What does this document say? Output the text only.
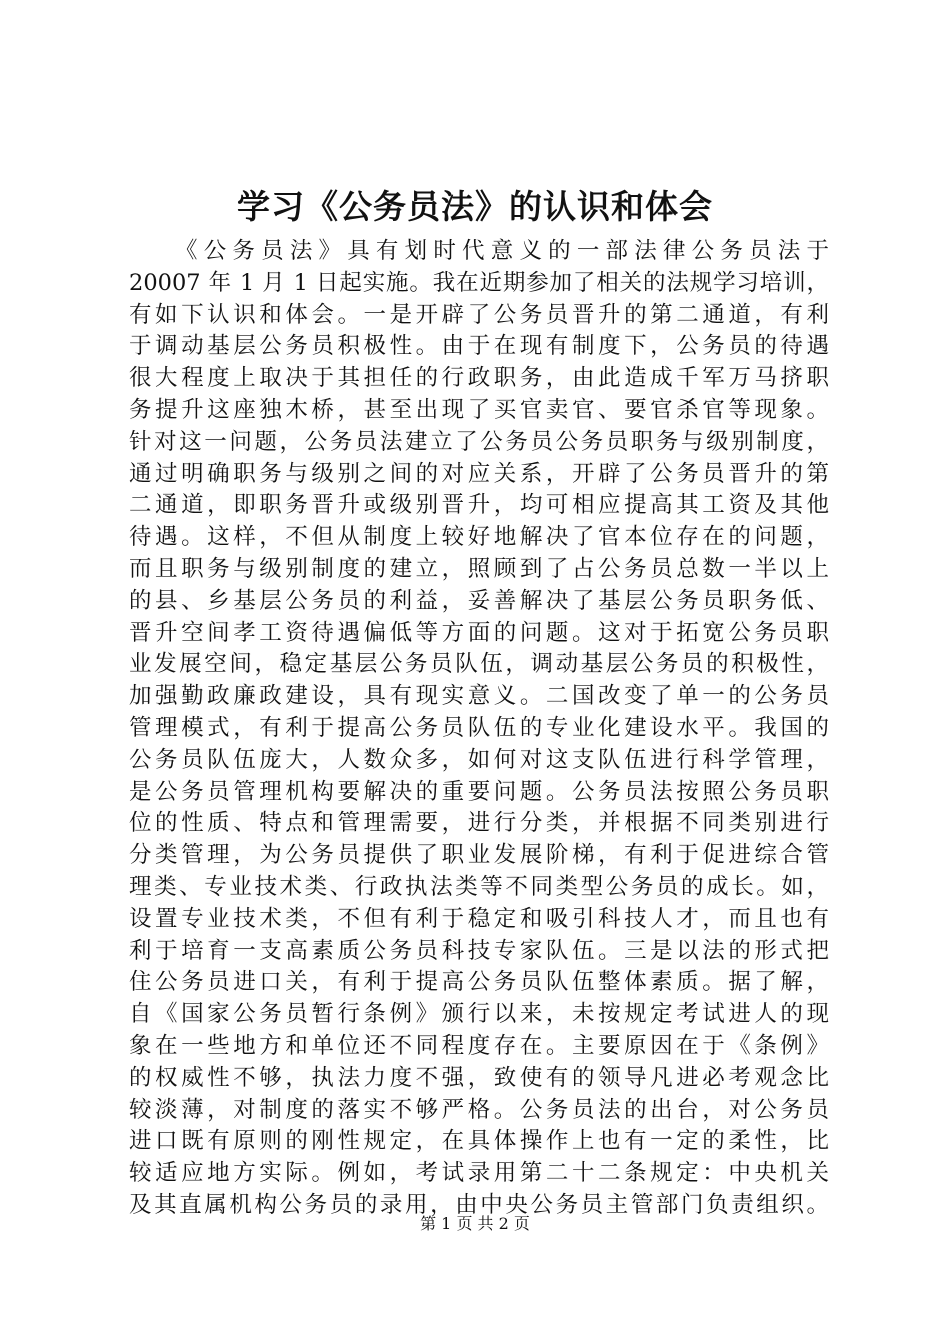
学习《公务员法》的认识和体会
《公务员法》具有划时代意义的一部法律公务员法于
20007 年 1 月 1 日起实施。我在近期参加了相关的法规学习培训，
有如下认识和体会。一是开辟了公务员晋升的第二通道，有利
于调动基层公务员积极性。由于在现有制度下，公务员的待遇
很大程度上取决于其担任的行政职务，由此造成千军万马挤职
务提升这座独木桥，甚至出现了买官卖官、要官杀官等现象。
针对这一问题，公务员法建立了公务员公务员职务与级别制度，
通过明确职务与级别之间的对应关系，开辟了公务员晋升的第
二通道，即职务晋升或级别晋升，均可相应提高其工资及其他
待遇。这样，不但从制度上较好地解决了官本位存在的问题，
而且职务与级别制度的建立，照顾到了占公务员总数一半以上
的县、乡基层公务员的利益，妥善解决了基层公务员职务低、
晋升空间孝工资待遇偏低等方面的问题。这对于拓宽公务员职
业发展空间，稳定基层公务员队伍，调动基层公务员的积极性，
加强勤政廉政建设，具有现实意义。二国改变了单一的公务员
管理模式，有利于提高公务员队伍的专业化建设水平。我国的
公务员队伍庞大，人数众多，如何对这支队伍进行科学管理，
是公务员管理机构要解决的重要问题。公务员法按照公务员职
位的性质、特点和管理需要，进行分类，并根据不同类别进行
分类管理，为公务员提供了职业发展阶梯，有利于促进综合管
理类、专业技术类、行政执法类等不同类型公务员的成长。如，
设置专业技术类，不但有利于稳定和吸引科技人才，而且也有
利于培育一支高素质公务员科技专家队伍。三是以法的形式把
住公务员进口关，有利于提高公务员队伍整体素质。据了解，
自《国家公务员暂行条例》颁行以来，未按规定考试进人的现
象在一些地方和单位还不同程度存在。主要原因在于《条例》
的权威性不够，执法力度不强，致使有的领导凡进必考观念比
较淡薄，对制度的落实不够严格。公务员法的出台，对公务员
进口既有原则的刚性规定，在具体操作上也有一定的柔性，比
较适应地方实际。例如，考试录用第二十二条规定：中央机关
及其直属机构公务员的录用，由中央公务员主管部门负责组织。
第 1 页 共 2 页
